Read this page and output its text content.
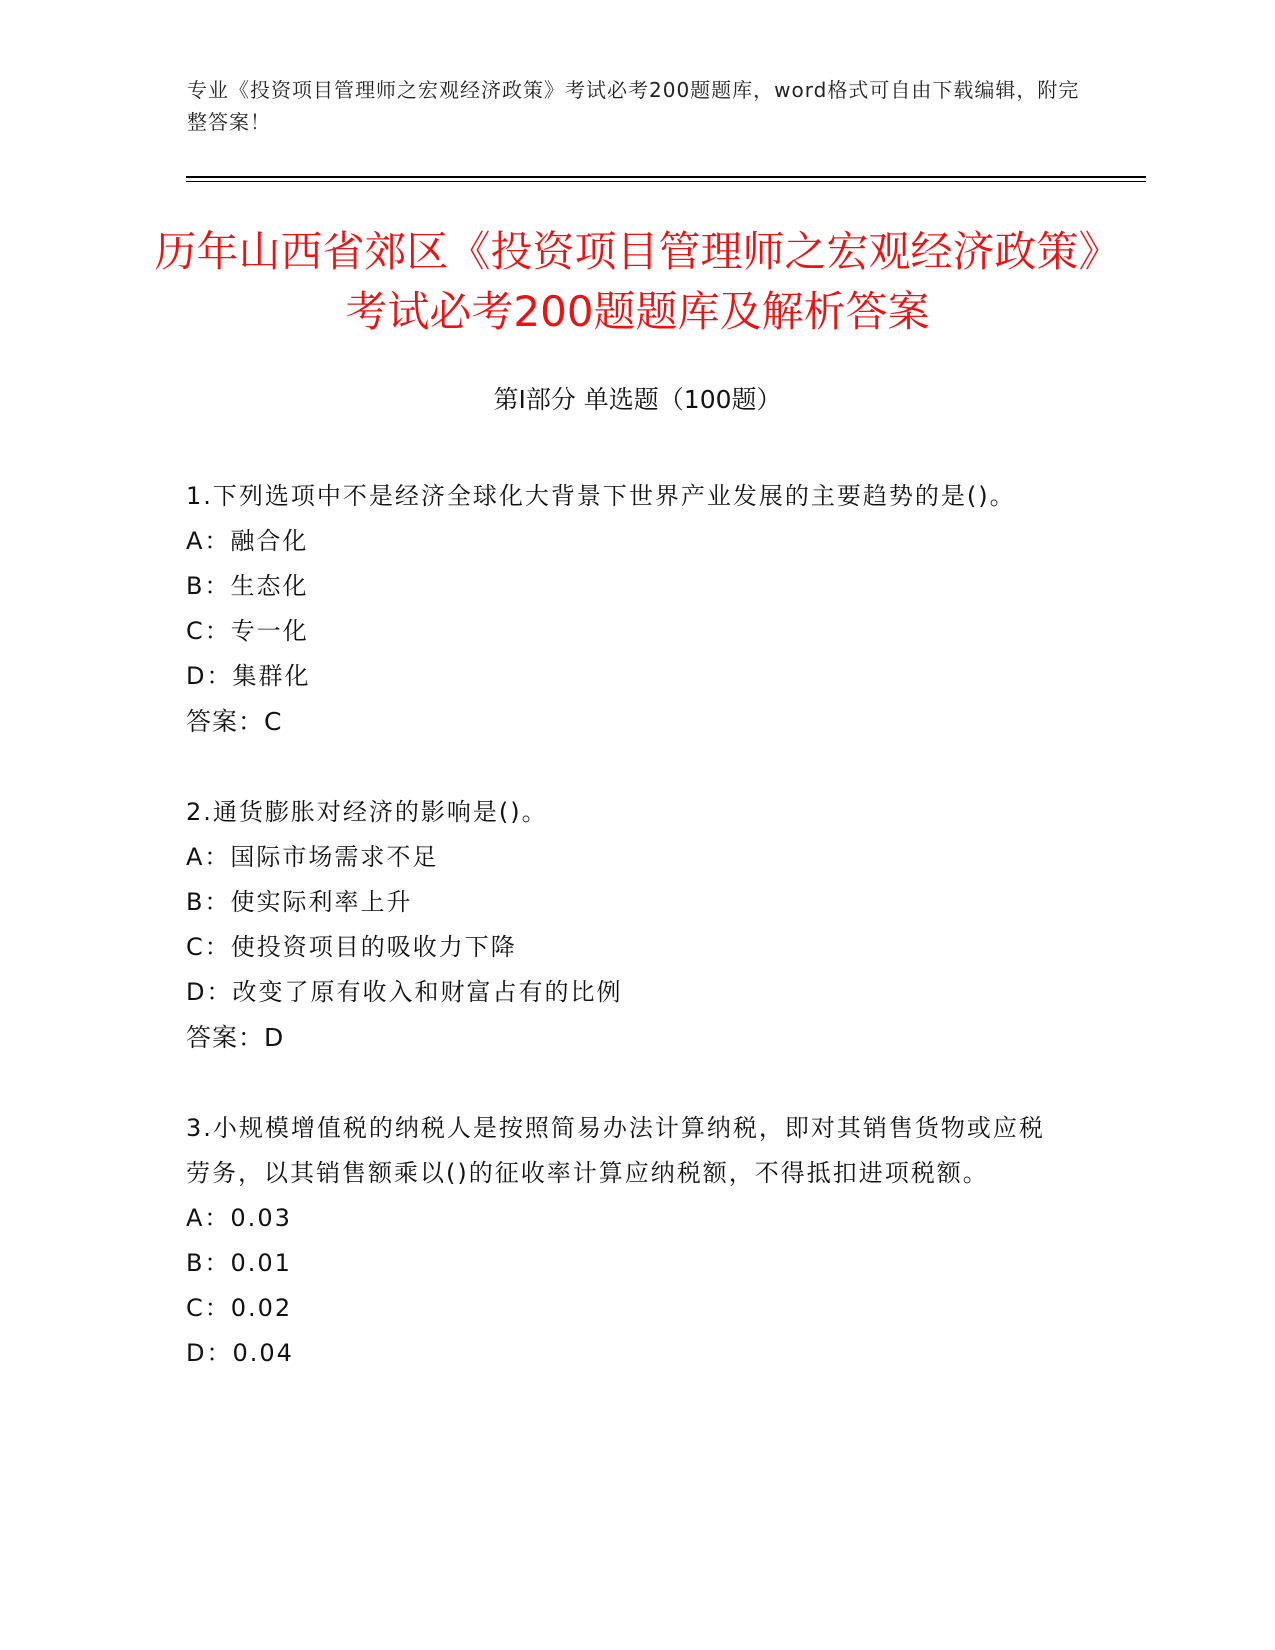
专业《投资项目管理师之宏观经济政策》考试必考200题题库，word格式可自由下载编辑，附完整答案！
历年山西省郊区《投资项目管理师之宏观经济政策》考试必考200题题库及解析答案
第I部分 单选题（100题）
1.下列选项中不是经济全球化大背景下世界产业发展的主要趋势的是()。
A：融合化
B：生态化
C：专一化
D：集群化
答案：C
2.通货膨胀对经济的影响是()。
A：国际市场需求不足
B：使实际利率上升
C：使投资项目的吸收力下降
D：改变了原有收入和财富占有的比例
答案：D
3.小规模增值税的纳税人是按照简易办法计算纳税，即对其销售货物或应税劳务，以其销售额乘以()的征收率计算应纳税额，不得抵扣进项税额。
A：0.03
B：0.01
C：0.02
D：0.04
